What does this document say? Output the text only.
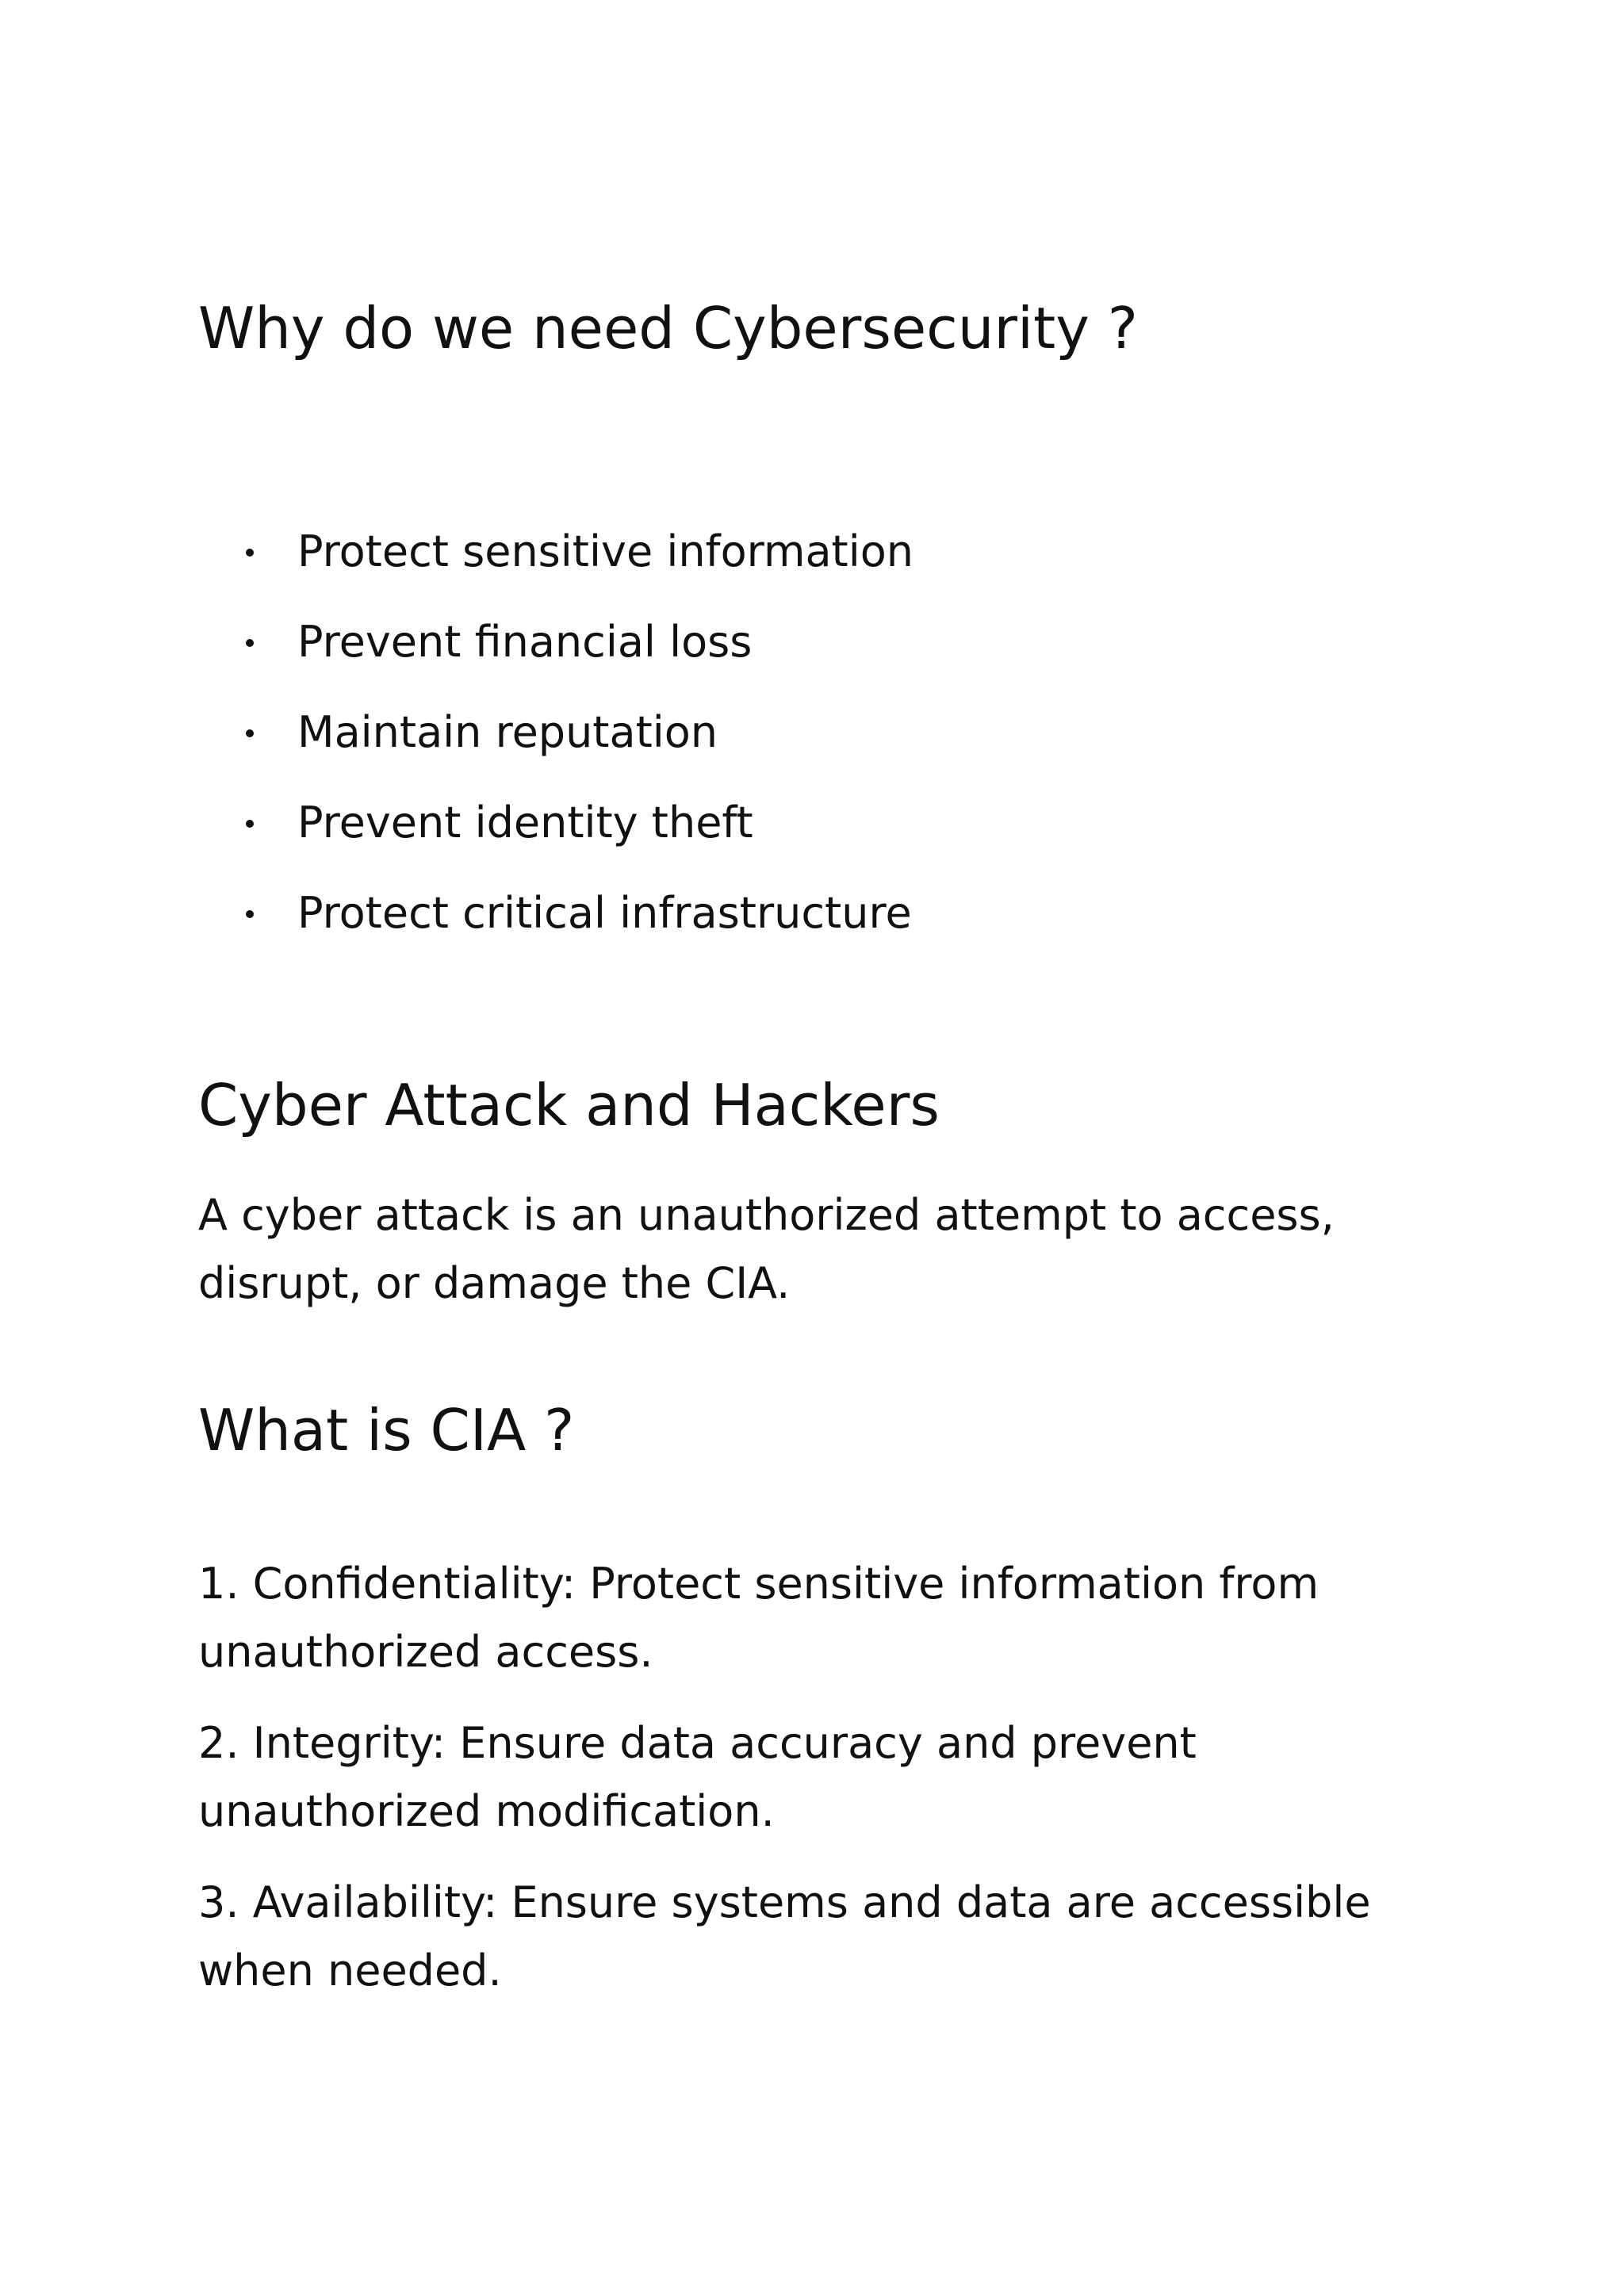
Why do we need Cybersecurity ?
Protect sensitive information
Prevent financial loss
Maintain reputation
Prevent identity theft
Protect critical infrastructure
Cyber Attack and Hackers

A cyber attack is an unauthorized attempt to access, disrupt, or damage the CIA.

What is CIA ?

1. Confidentiality: Protect sensitive information from unauthorized access.

2. Integrity: Ensure data accuracy and prevent unauthorized modification.

3. Availability: Ensure systems and data are accessible when needed.
